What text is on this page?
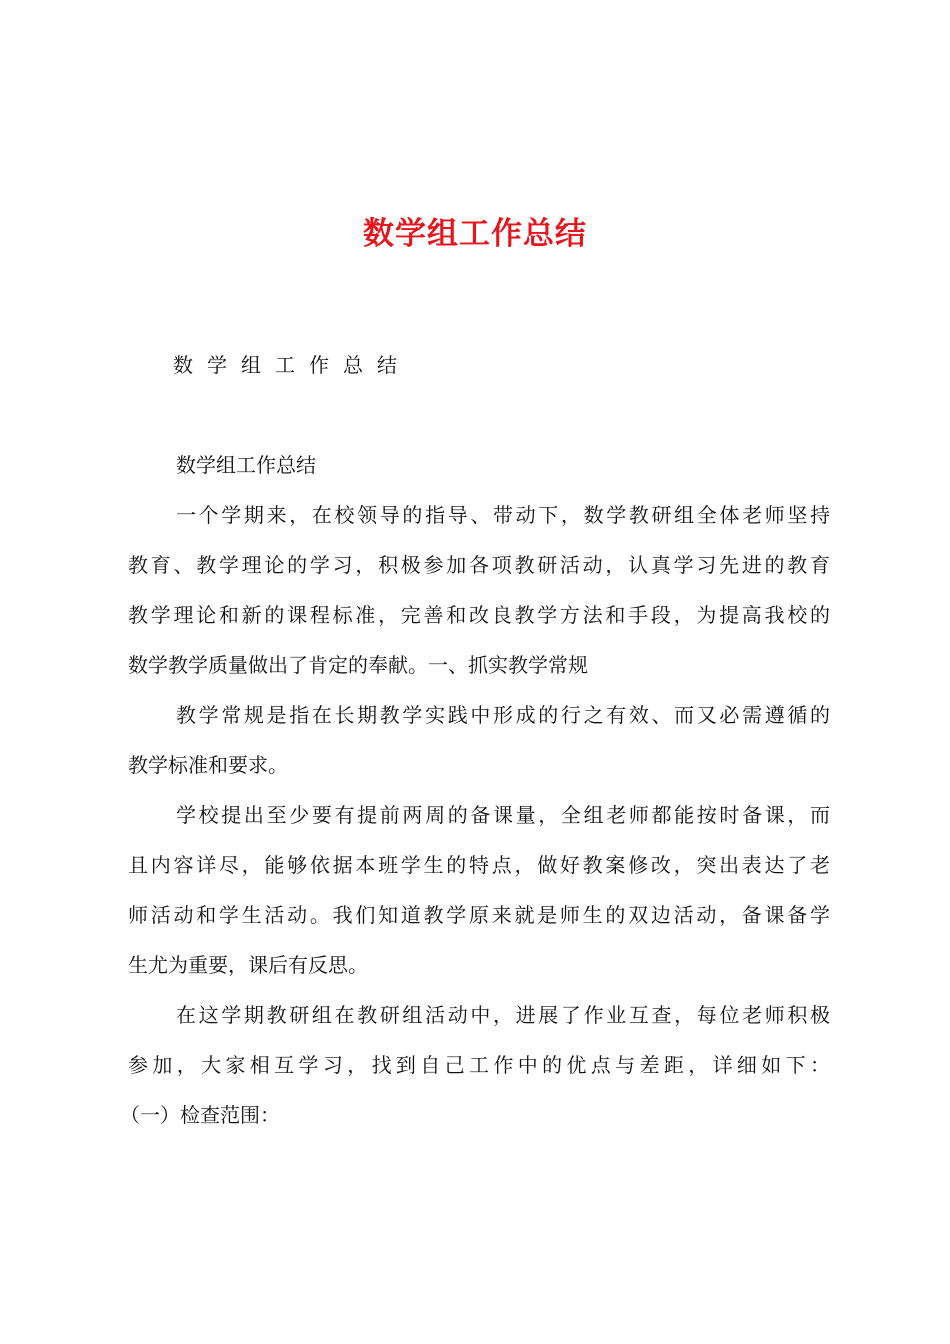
数学组工作总结
数学组工作总结
数学组工作总结
一个学期来，在校领导的指导、带动下，数学教研组全体老师坚持
教育、教学理论的学习，积极参加各项教研活动，认真学习先进的教育
教学理论和新的课程标准，完善和改良教学方法和手段，为提高我校的
数学教学质量做出了肯定的奉献。一、抓实教学常规
教学常规是指在长期教学实践中形成的行之有效、而又必需遵循的
教学标准和要求。
学校提出至少要有提前两周的备课量，全组老师都能按时备课，而
且内容详尽，能够依据本班学生的特点，做好教案修改，突出表达了老
师活动和学生活动。我们知道教学原来就是师生的双边活动，备课备学
生尤为重要，课后有反思。
在这学期教研组在教研组活动中，进展了作业互查，每位老师积极
参加，大家相互学习，找到自己工作中的优点与差距，详细如下：
（一）检查范围：
